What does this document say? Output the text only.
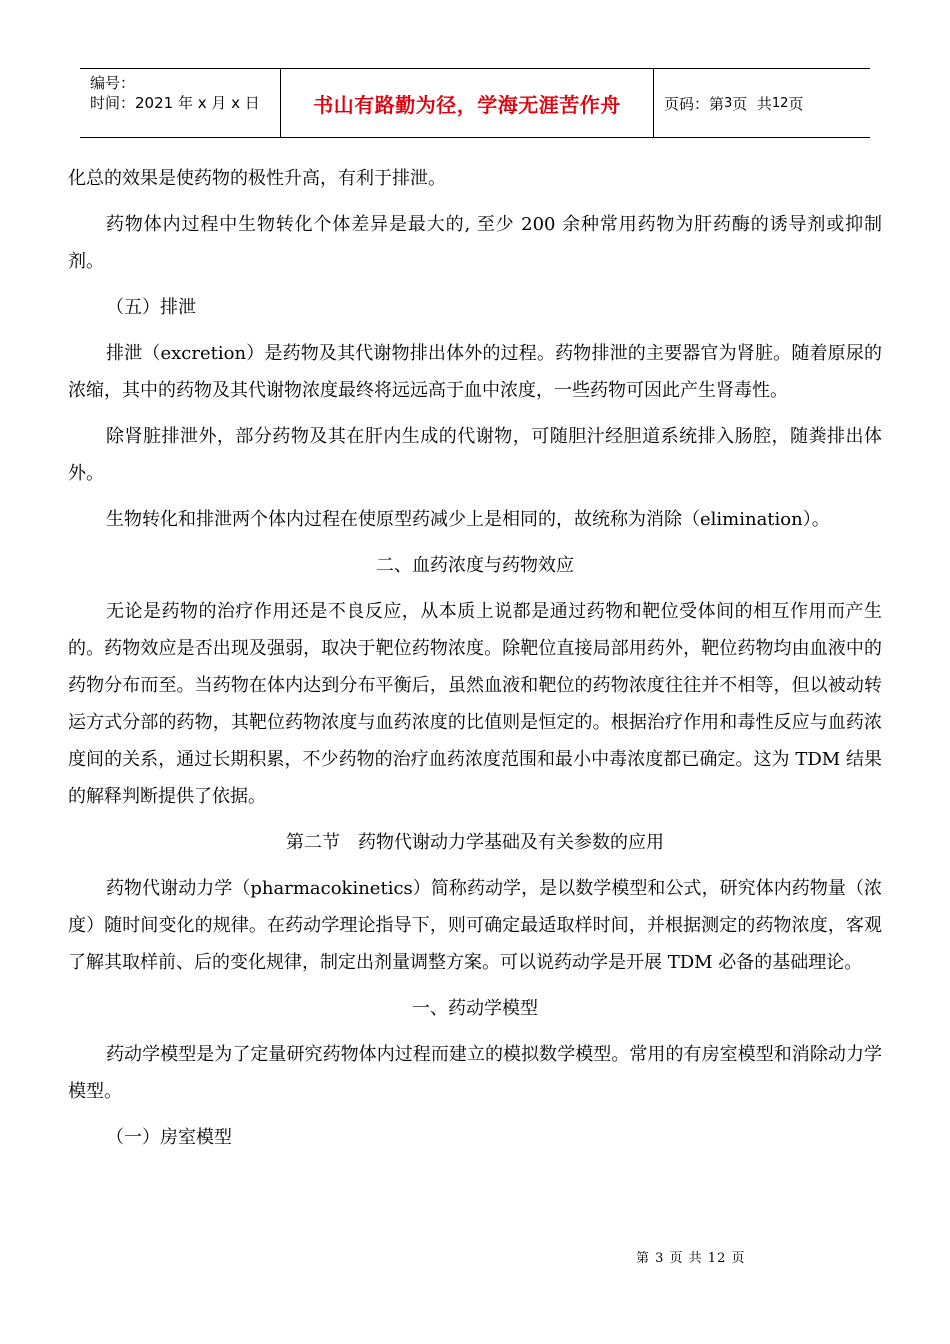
编号：
时间：2021 年 x 月 x 日	书山有路勤为径，学海无涯苦作舟	页码：第 3 页  共 12 页

化总的效果是使药物的极性升高，有利于排泄。

药物体内过程中生物转化个体差异是最大的, 至少 200 余种常用药物为肝药酶的诱导剂或抑制剂。

（五）排泄

排泄（excretion）是药物及其代谢物排出体外的过程。药物排泄的主要器官为肾脏。随着原尿的浓缩，其中的药物及其代谢物浓度最终将远远高于血中浓度，一些药物可因此产生肾毒性。

除肾脏排泄外，部分药物及其在肝内生成的代谢物，可随胆汁经胆道系统排入肠腔，随粪排出体外。

生物转化和排泄两个体内过程在使原型药减少上是相同的，故统称为消除（elimination）。

二、血药浓度与药物效应

无论是药物的治疗作用还是不良反应，从本质上说都是通过药物和靶位受体间的相互作用而产生的。药物效应是否出现及强弱，取决于靶位药物浓度。除靶位直接局部用药外，靶位药物均由血液中的药物分布而至。当药物在体内达到分布平衡后，虽然血液和靶位的药物浓度往往并不相等，但以被动转运方式分部的药物，其靶位药物浓度与血药浓度的比值则是恒定的。根据治疗作用和毒性反应与血药浓度间的关系，通过长期积累，不少药物的治疗血药浓度范围和最小中毒浓度都已确定。这为 TDM 结果的解释判断提供了依据。

第二节　药物代谢动力学基础及有关参数的应用

药物代谢动力学（pharmacokinetics）简称药动学，是以数学模型和公式，研究体内药物量（浓度）随时间变化的规律。在药动学理论指导下，则可确定最适取样时间，并根据测定的药物浓度，客观了解其取样前、后的变化规律，制定出剂量调整方案。可以说药动学是开展 TDM 必备的基础理论。

一、药动学模型

药动学模型是为了定量研究药物体内过程而建立的模拟数学模型。常用的有房室模型和消除动力学模型。

（一）房室模型
第 3 页 共 12 页
